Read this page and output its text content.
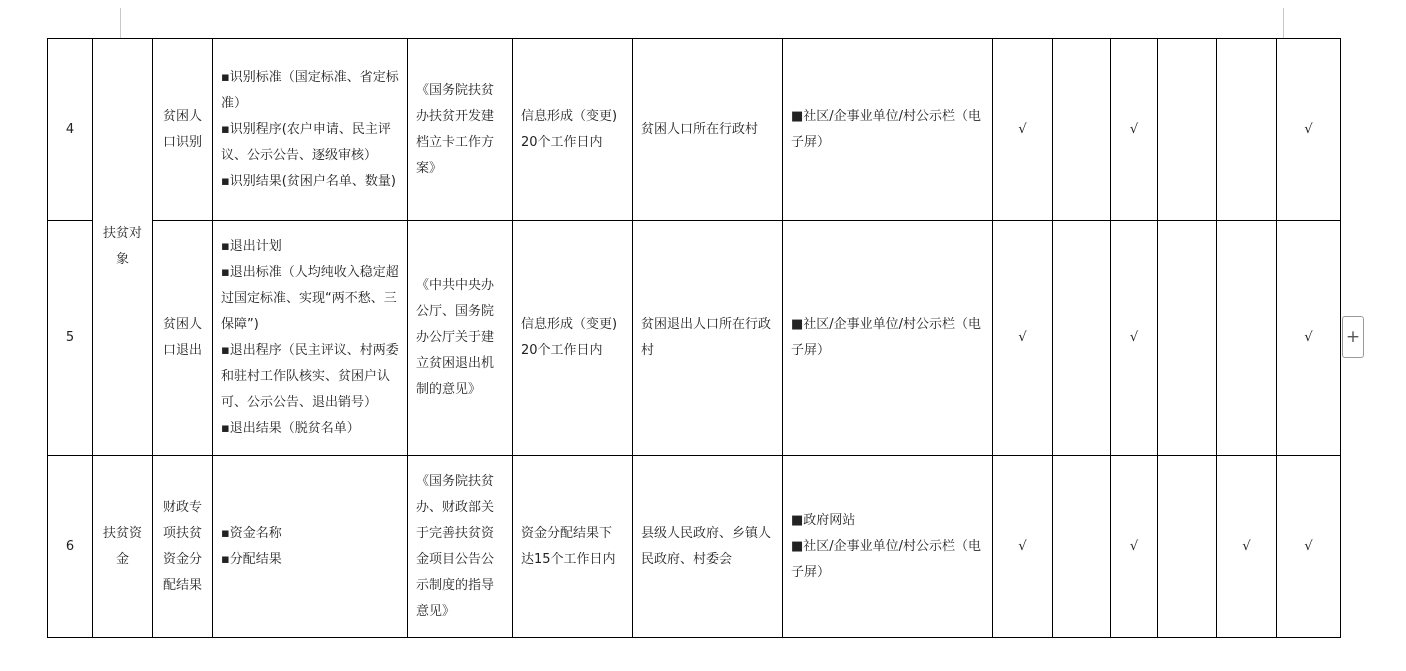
4	扶贫对象	贫困人口识别	▪识别标准（国定标准、省定标准）
▪识别程序(农户申请、民主评议、公示公告、逐级审核）
▪识别结果(贫困户名单、数量)	《国务院扶贫办扶贫开发建档立卡工作方案》	信息形成（变更)20个工作日内	贫困人口所在行政村	■社区/企事业单位/村公示栏（电子屏）	√		√			√
5		贫困人口退出	▪退出计划
▪退出标准（人均纯收入稳定超过国定标准、实现“两不愁、三保障”)
▪退出程序（民主评议、村两委和驻村工作队核实、贫困户认可、公示公告、退出销号）
▪退出结果（脱贫名单）	《中共中央办公厅、国务院办公厅关于建立贫困退出机制的意见》	信息形成（变更)20个工作日内	贫困退出人口所在行政村	■社区/企事业单位/村公示栏（电子屏）	√		√			√
6	扶贫资金	财政专项扶贫资金分配结果	▪资金名称
▪分配结果	《国务院扶贫办、财政部关于完善扶贫资金项目公告公示制度的指导意见》	资金分配结果下达15个工作日内	县级人民政府、乡镇人民政府、村委会	■政府网站
■社区/企事业单位/村公示栏（电子屏）	√		√		√	√
+
